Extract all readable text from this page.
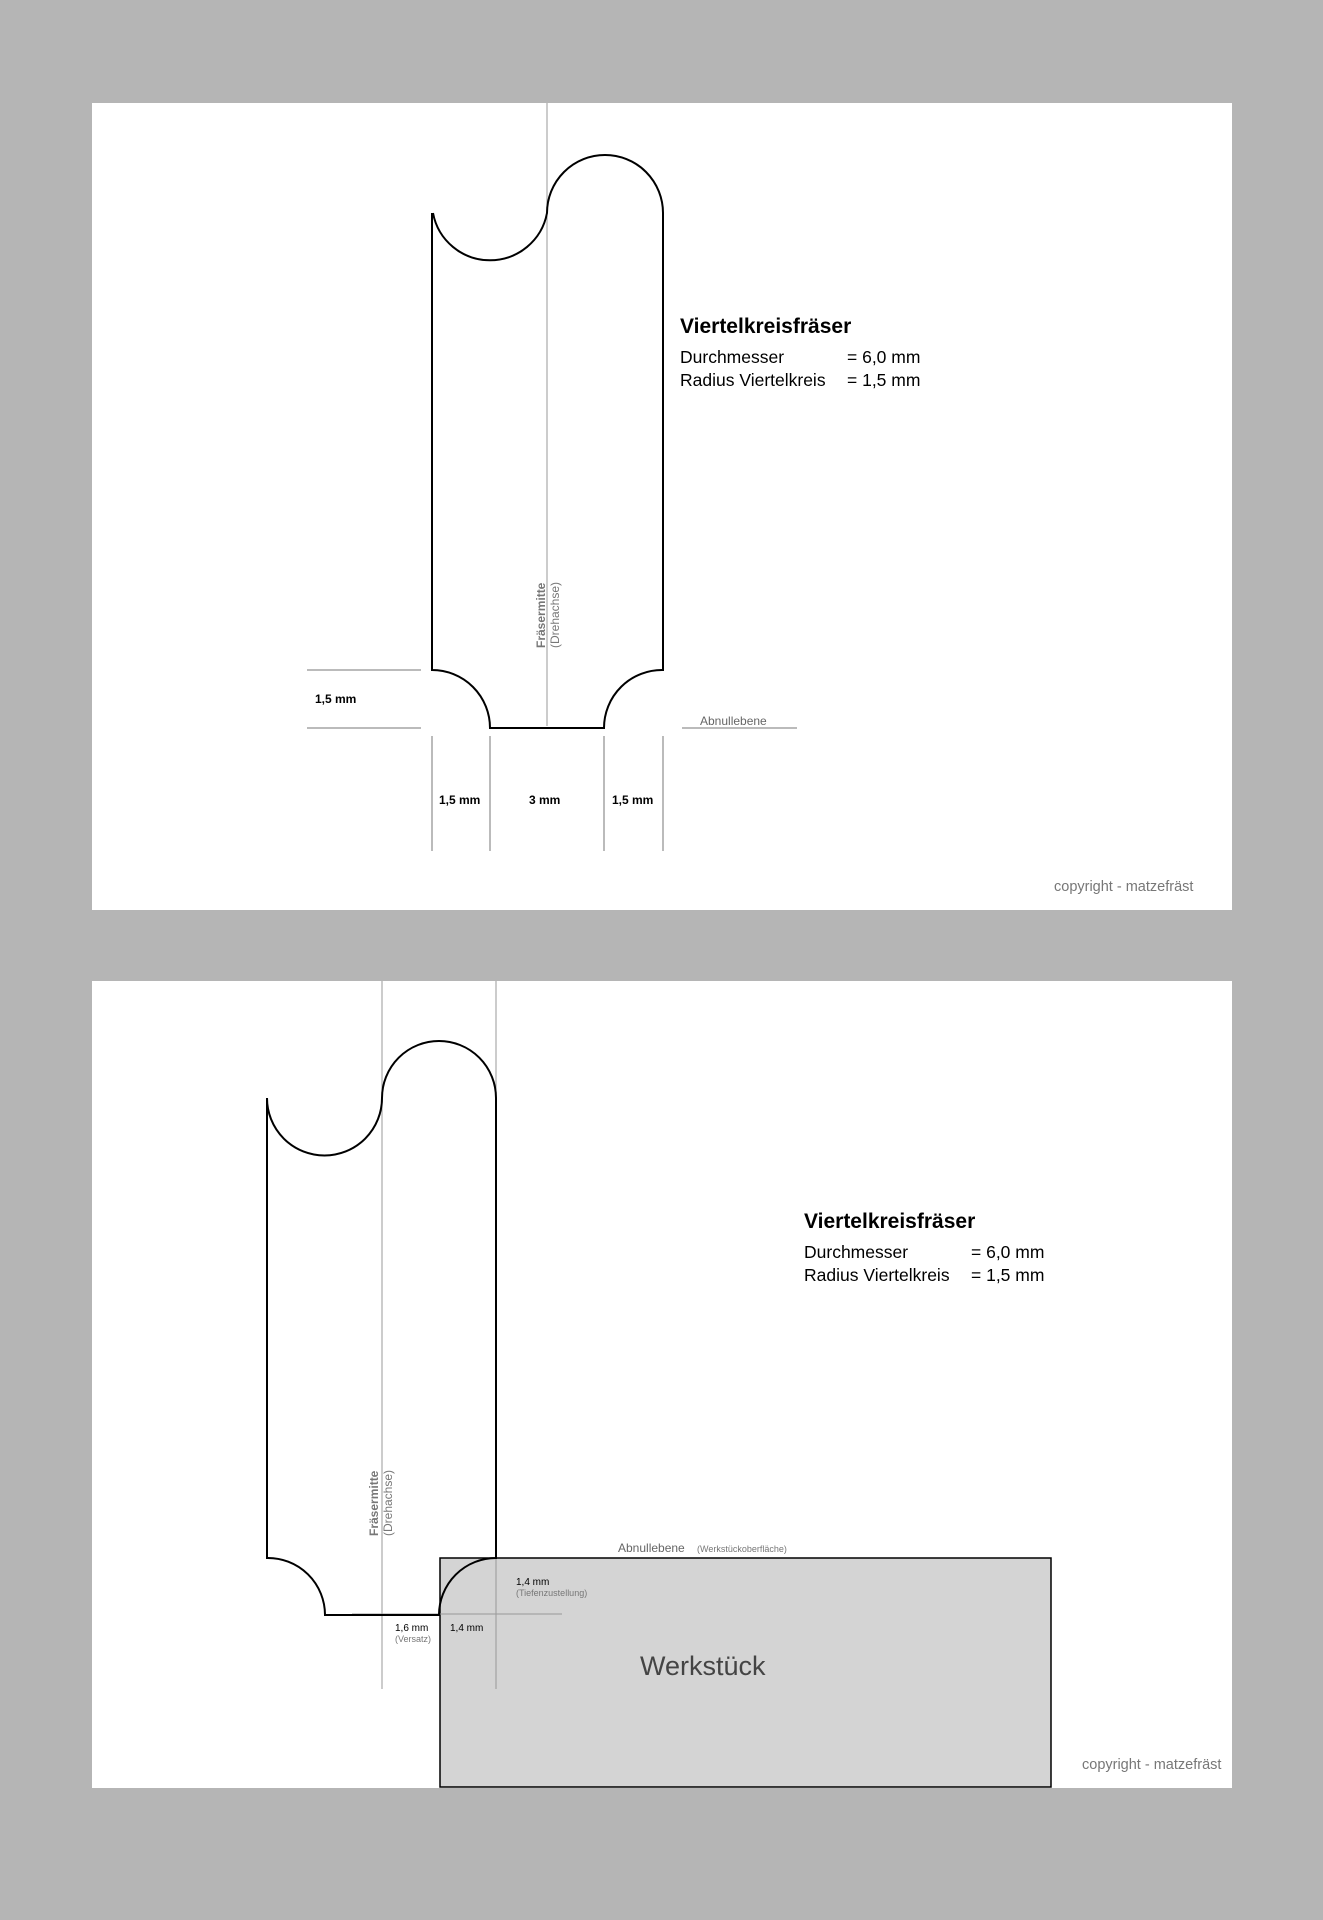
Viertelkreisfräser
Durchmesser	= 6,0 mm
Radius Viertelkreis = 1,5 mm
Fräsermitte (Drehachse)
1,5 mm
Abnullebene
1,5 mm	3 mm	1,5 mm
copyright - matzefräst
Viertelkreisfräser
Durchmesser	= 6,0 mm
Radius Viertelkreis = 1,5 mm
Fräsermitte (Drehachse)
Abnullebene (Werkstückoberfläche)
1,4 mm
(Tiefenzustellung)
1,6 mm
(Versatz)
1,4 mm
Werkstück
copyright - matzefräst
